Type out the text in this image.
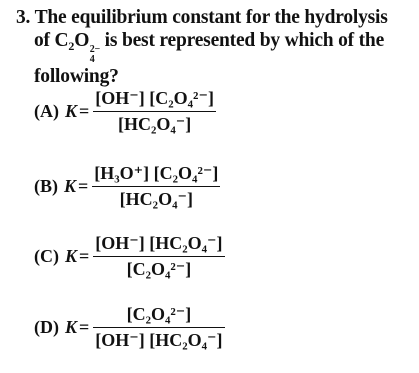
3. The equilibrium constant for the hydrolysis
of $C_2O$ 2−
4
is best represented by which of the
following?
(A) $K = \frac{\text{[OH⁻] [C₂O₄²⁻]}}{\text{[HC₂O₄⁻]}}$
(B) $K = \frac{\text{[H₃O⁺] [C₂O₄²⁻]}}{\text{[HC₂O₄⁻]}}$
(C) $K = \frac{\text{[OH⁻] [HC₂O₄⁻]}}{\text{[C₂O₄²⁻]}}$
(D) $K = \frac{\text{[C₂O₄²⁻]}}{\text{[OH⁻] [HC₂O₄⁻]}}$
